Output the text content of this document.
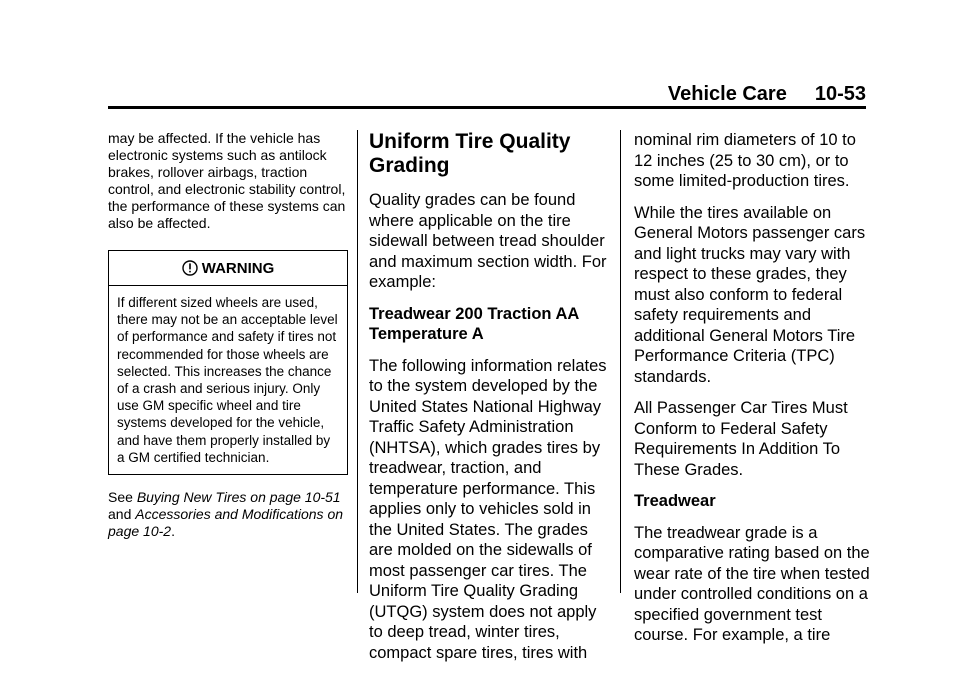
Vehicle Care 10-53

may be affected. If the vehicle has electronic systems such as antilock brakes, rollover airbags, traction control, and electronic stability control, the performance of these systems can also be affected.

WARNING
If different sized wheels are used, there may not be an acceptable level of performance and safety if tires not recommended for those wheels are selected. This increases the chance of a crash and serious injury. Only use GM specific wheel and tire systems developed for the vehicle, and have them properly installed by a GM certified technician.

See Buying New Tires on page 10-51 and Accessories and Modifications on page 10-2.

Uniform Tire Quality Grading

Quality grades can be found where applicable on the tire sidewall between tread shoulder and maximum section width. For example:

Treadwear 200 Traction AA Temperature A

The following information relates to the system developed by the United States National Highway Traffic Safety Administration (NHTSA), which grades tires by treadwear, traction, and temperature performance. This applies only to vehicles sold in the United States. The grades are molded on the sidewalls of most passenger car tires. The Uniform Tire Quality Grading (UTQG) system does not apply to deep tread, winter tires, compact spare tires, tires with

nominal rim diameters of 10 to 12 inches (25 to 30 cm), or to some limited-production tires.

While the tires available on General Motors passenger cars and light trucks may vary with respect to these grades, they must also conform to federal safety requirements and additional General Motors Tire Performance Criteria (TPC) standards.

All Passenger Car Tires Must Conform to Federal Safety Requirements In Addition To These Grades.

Treadwear

The treadwear grade is a comparative rating based on the wear rate of the tire when tested under controlled conditions on a specified government test course. For example, a tire
